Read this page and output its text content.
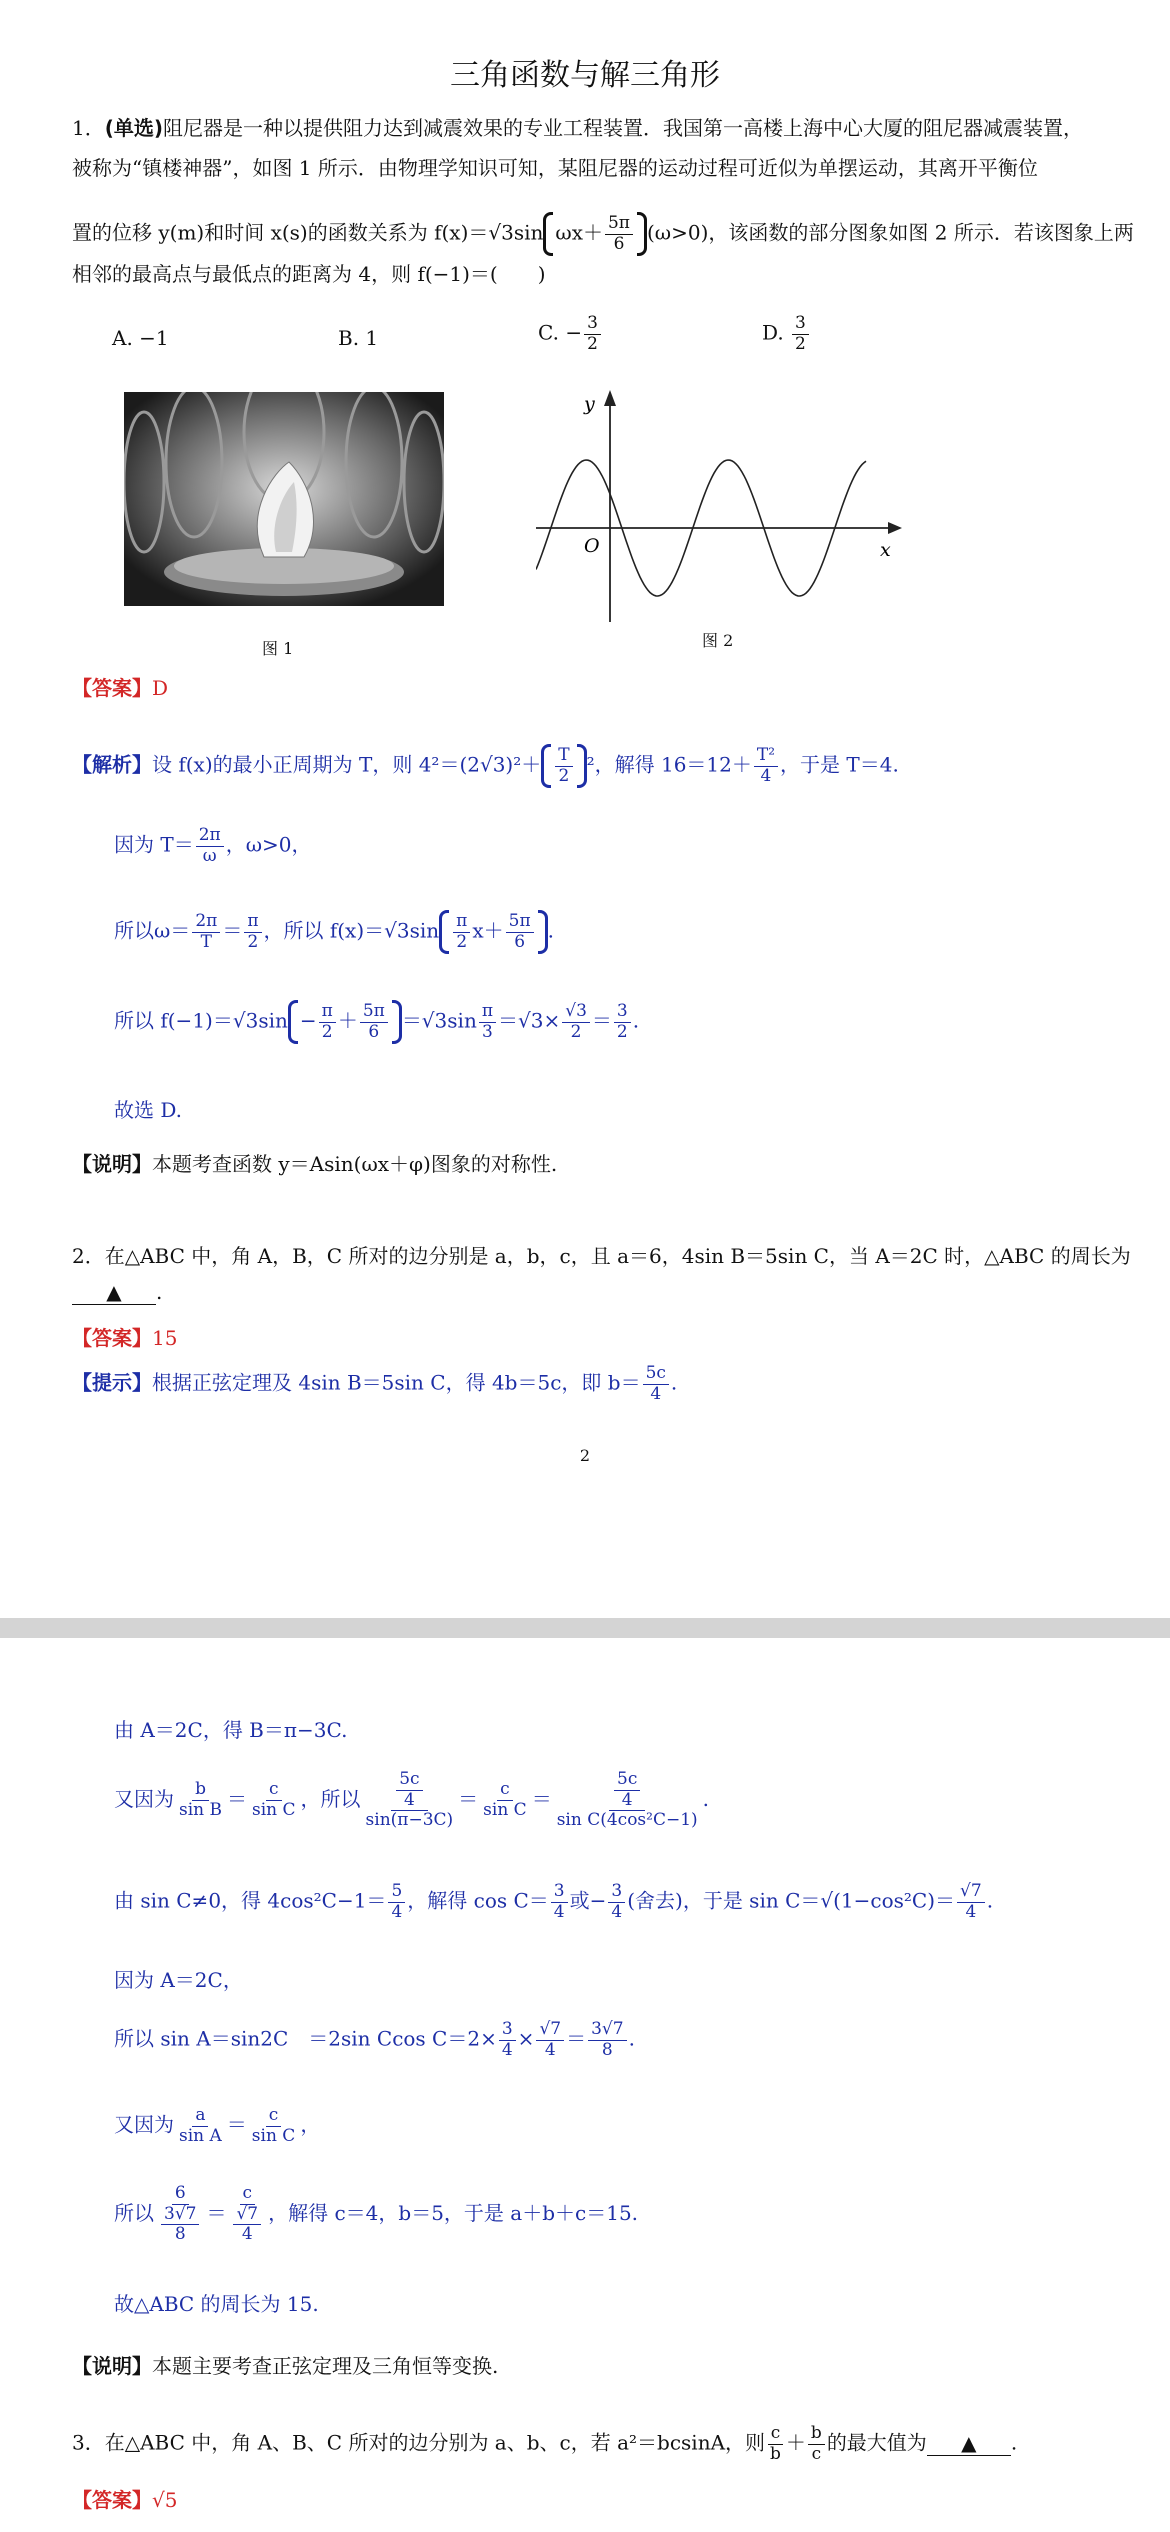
三角函数与解三角形
1．(单选)阻尼器是一种以提供阻力达到减震效果的专业工程装置．我国第一高楼上海中心大厦的阻尼器减震装置，
被称为“镇楼神器”，如图 1 所示．由物理学知识可知，某阻尼器的运动过程可近似为单摆运动，其离开平衡位
置的位移 y(m)和时间 x(s)的函数关系为 f(x)＝√3sin $\omega x+ \frac{5\pi}{6} (\omega>0)$，该函数的部分图象如图 2 所示．若该图象上两
相邻的最高点与最低点的距离为 4，则 f(−1)＝(　　)
A. −1	B. 1	C. − $\frac{3}{2}$	D. $\frac{3}{2}$
图 1
y
x
O
图 2
【答案】D
【解析】设 f(x)的最小正周期为 T，则 $4^2=(2√3)^2+ \frac{T}{2} ^2$，解得 $16=12+ \frac{\text{T²}}{4}$ ，于是 T＝4.
因为 $T= \frac{2\pi}{\omega}$ ，ω>0，
所以$\omega= \frac{2\pi}{T} = \frac{\pi}{2}$ ，所以 $f(x)=√3\sin \frac{\pi}{2} x+ \frac{5\pi}{6}$ .
所以 $f(-1)=√3\sin - \frac{\pi}{2} + \frac{5\pi}{6} =√3\sin \frac{\pi}{3} =√3\times \frac{√3}{2} = \frac{3}{2}$ .
故选 D.
【说明】本题考查函数 y＝Asin(ωx＋φ)图象的对称性.
2．在△ABC 中，角 A，B，C 所对的边分别是 a，b，c，且 a＝6，4sin B＝5sin C，当 A＝2C 时，△ABC 的周长为
▲ .
【答案】15
【提示】根据正弦定理及 4sin B＝5sin C，得 4b＝5c，即 $b= \frac{5c}{4}$ .
2
由 A＝2C，得 B＝π−3C.
又因为 $\frac{b}{\text{sin B}} = \frac{c}{\text{sin C}}$ ，所以 $\frac{\frac{5c}{4}}{\sin(\pi-3C)} = \frac{c}{\text{sin C}} = \frac{\frac{5c}{4}}{\text{sin C(4cos²C−1)}}$ .
由 sin C≠0，得 $4\cos^2C-1= \frac{5}{4}$ ，解得 $\cos C= \frac{3}{4}$ 或− $\frac{3}{4}$ (舍去)，于是 $\sin C=√(1-\cos^2C)= \frac{√7}{4}$ .
因为 A＝2C，
所以 sin A＝sin2C　＝2sin Ccos $C=2\times \frac{3}{4} \times \frac{√7}{4} = \frac{3√7}{8}$ .
又因为 $\frac{a}{\text{sin A}} = \frac{c}{\text{sin C}}$ ，
所以 $\frac{6}{\frac{3√7}{8}} = \frac{c}{\frac{√7}{4}}$ ，解得 c＝4，b＝5，于是 a＋b＋c＝15.
故△ABC 的周长为 15.
【说明】本题主要考查正弦定理及三角恒等变换.
3．在△ABC 中，角 A、B、C 所对的边分别为 a、b、c，若 a²＝bcsinA，则 $\frac{c}{b} + \frac{b}{c}$ 的最大值为 ▲ .
【答案】√5
